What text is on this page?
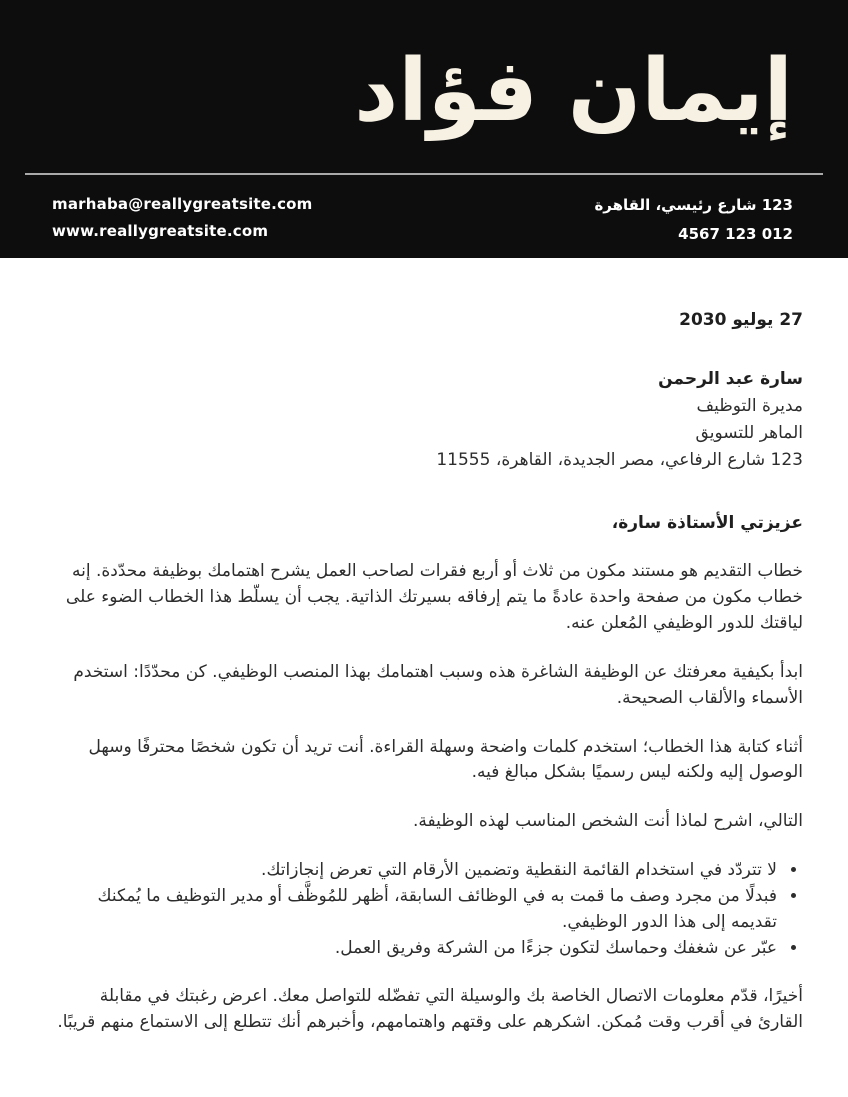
إيمان فؤاد
marhaba@reallygreatsite.com
www.reallygreatsite.com
123 شارع رئيسي، القاهرة
012 123 4567

27 يوليو 2030

سارة عبد الرحمن

مديرة التوظيف

الماهر للتسويق

123 شارع الرفاعي، مصر الجديدة، القاهرة، 11555

عزيزتي الأستاذة سارة،

خطاب التقديم هو مستند مكون من ثلاث أو أربع فقرات لصاحب العمل يشرح اهتمامك بوظيفة محدّدة. إنه خطاب مكون من صفحة واحدة عادةً ما يتم إرفاقه بسيرتك الذاتية. يجب أن يسلّط هذا الخطاب الضوء على لياقتك للدور الوظيفي المُعلن عنه.

ابدأ بكيفية معرفتك عن الوظيفة الشاغرة هذه وسبب اهتمامك بهذا المنصب الوظيفي. كن محدّدًا: استخدم الأسماء والألقاب الصحيحة.

أثناء كتابة هذا الخطاب؛ استخدم كلمات واضحة وسهلة القراءة. أنت تريد أن تكون شخصًا محترفًا وسهل الوصول إليه ولكنه ليس رسميًا بشكل مبالغ فيه.

التالي، اشرح لماذا أنت الشخص المناسب لهذه الوظيفة.

• لا تتردّد في استخدام القائمة النقطية وتضمين الأرقام التي تعرض إنجازاتك.
• فبدلًا من مجرد وصف ما قمت به في الوظائف السابقة، أظهر للمُوظَّف أو مدير التوظيف ما يُمكنك تقديمه إلى هذا الدور الوظيفي.
• عبّر عن شغفك وحماسك لتكون جزءًا من الشركة وفريق العمل.

أخيرًا، قدّم معلومات الاتصال الخاصة بك والوسيلة التي تفضّله للتواصل معك. اعرض رغبتك في مقابلة القارئ في أقرب وقت مُمكن. اشكرهم على وقتهم واهتمامهم، وأخبرهم أنك تتطلع إلى الاستماع منهم قريبًا.
